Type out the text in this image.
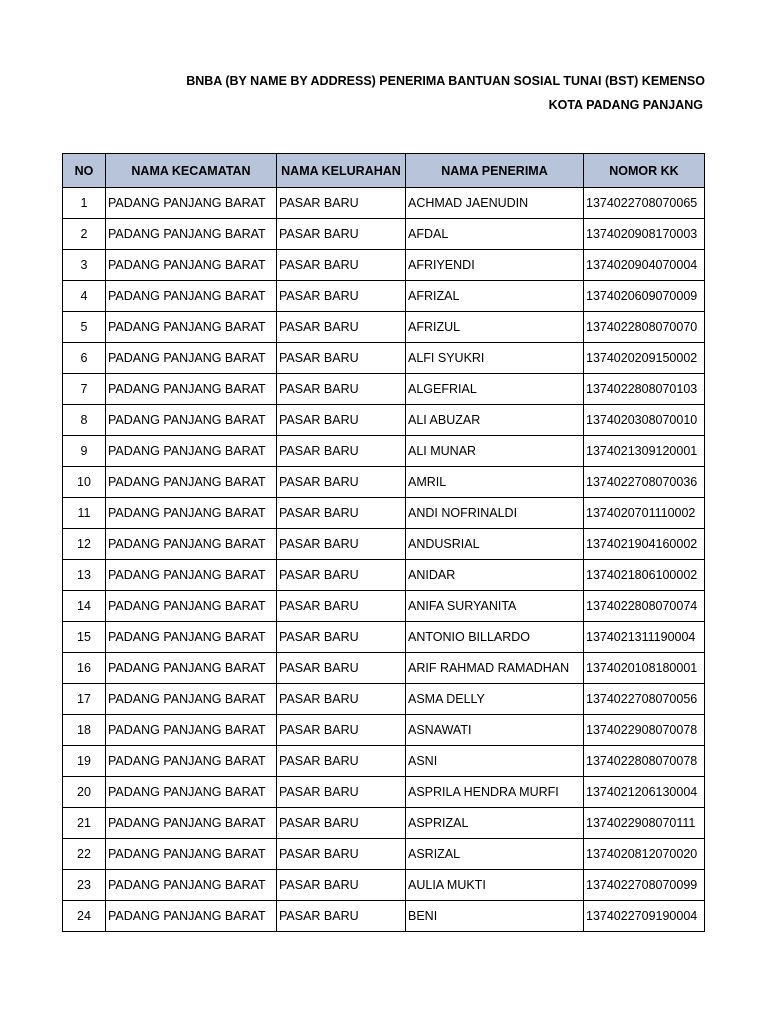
BNBA (BY NAME BY ADDRESS) PENERIMA BANTUAN SOSIAL TUNAI (BST) KEMENSO
KOTA PADANG PANJANG
NO	NAMA KECAMATAN	NAMA KELURAHAN	NAMA PENERIMA	NOMOR KK
1	PADANG PANJANG BARAT	PASAR BARU	ACHMAD JAENUDIN	1374022708070065
2	PADANG PANJANG BARAT	PASAR BARU	AFDAL	1374020908170003
3	PADANG PANJANG BARAT	PASAR BARU	AFRIYENDI	1374020904070004
4	PADANG PANJANG BARAT	PASAR BARU	AFRIZAL	1374020609070009
5	PADANG PANJANG BARAT	PASAR BARU	AFRIZUL	1374022808070070
6	PADANG PANJANG BARAT	PASAR BARU	ALFI SYUKRI	1374020209150002
7	PADANG PANJANG BARAT	PASAR BARU	ALGEFRIAL	1374022808070103
8	PADANG PANJANG BARAT	PASAR BARU	ALI ABUZAR	1374020308070010
9	PADANG PANJANG BARAT	PASAR BARU	ALI MUNAR	1374021309120001
10	PADANG PANJANG BARAT	PASAR BARU	AMRIL	1374022708070036
11	PADANG PANJANG BARAT	PASAR BARU	ANDI NOFRINALDI	1374020701110002
12	PADANG PANJANG BARAT	PASAR BARU	ANDUSRIAL	1374021904160002
13	PADANG PANJANG BARAT	PASAR BARU	ANIDAR	1374021806100002
14	PADANG PANJANG BARAT	PASAR BARU	ANIFA SURYANITA	1374022808070074
15	PADANG PANJANG BARAT	PASAR BARU	ANTONIO BILLARDO	1374021311190004
16	PADANG PANJANG BARAT	PASAR BARU	ARIF RAHMAD RAMADHAN	1374020108180001
17	PADANG PANJANG BARAT	PASAR BARU	ASMA DELLY	1374022708070056
18	PADANG PANJANG BARAT	PASAR BARU	ASNAWATI	1374022908070078
19	PADANG PANJANG BARAT	PASAR BARU	ASNI	1374022808070078
20	PADANG PANJANG BARAT	PASAR BARU	ASPRILA HENDRA MURFI	1374021206130004
21	PADANG PANJANG BARAT	PASAR BARU	ASPRIZAL	1374022908070111
22	PADANG PANJANG BARAT	PASAR BARU	ASRIZAL	1374020812070020
23	PADANG PANJANG BARAT	PASAR BARU	AULIA MUKTI	1374022708070099
24	PADANG PANJANG BARAT	PASAR BARU	BENI	1374022709190004
